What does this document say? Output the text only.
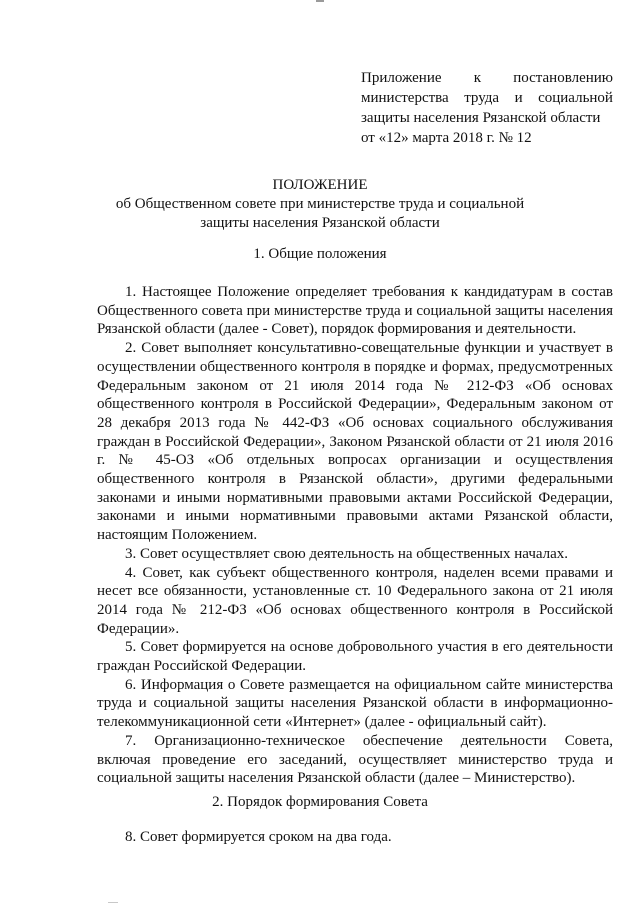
Приложение к постановлению
министерства труда и социальной
защиты населения Рязанской области
от «12» марта 2018 г. № 12
ПОЛОЖЕНИЕ
об Общественном совете при министерстве труда и социальной защиты населения Рязанской области
1. Общие положения

1. Настоящее Положение определяет требования к кандидатурам в состав Общественного совета при министерстве труда и социальной защиты населения Рязанской области (далее - Совет), порядок формирования и деятельности.

2. Совет выполняет консультативно-совещательные функции и участвует в осуществлении общественного контроля в порядке и формах, предусмотренных Федеральным законом от 21 июля 2014 года № 212-ФЗ «Об основах общественного контроля в Российской Федерации», Федеральным законом от 28 декабря 2013 года № 442-ФЗ «Об основах социального обслуживания граждан в Российской Федерации», Законом Рязанской области от 21 июля 2016 г. № 45-ОЗ «Об отдельных вопросах организации и осуществления общественного контроля в Рязанской области», другими федеральными законами и иными нормативными правовыми актами Российской Федерации, законами и иными нормативными правовыми актами Рязанской области, настоящим Положением.

3. Совет осуществляет свою деятельность на общественных началах.

4. Совет, как субъект общественного контроля, наделен всеми правами и несет все обязанности, установленные ст. 10 Федерального закона от 21 июля 2014 года № 212-ФЗ «Об основах общественного контроля в Российской Федерации».

5. Совет формируется на основе добровольного участия в его деятельности граждан Российской Федерации.

6. Информация о Совете размещается на официальном сайте министерства труда и социальной защиты населения Рязанской области в информационно-телекоммуникационной сети «Интернет» (далее - официальный сайт).

7. Организационно-техническое обеспечение деятельности Совета, включая проведение его заседаний, осуществляет министерство труда и социальной защиты населения Рязанской области (далее – Министерство).

2. Порядок формирования Совета

8. Совет формируется сроком на два года.
